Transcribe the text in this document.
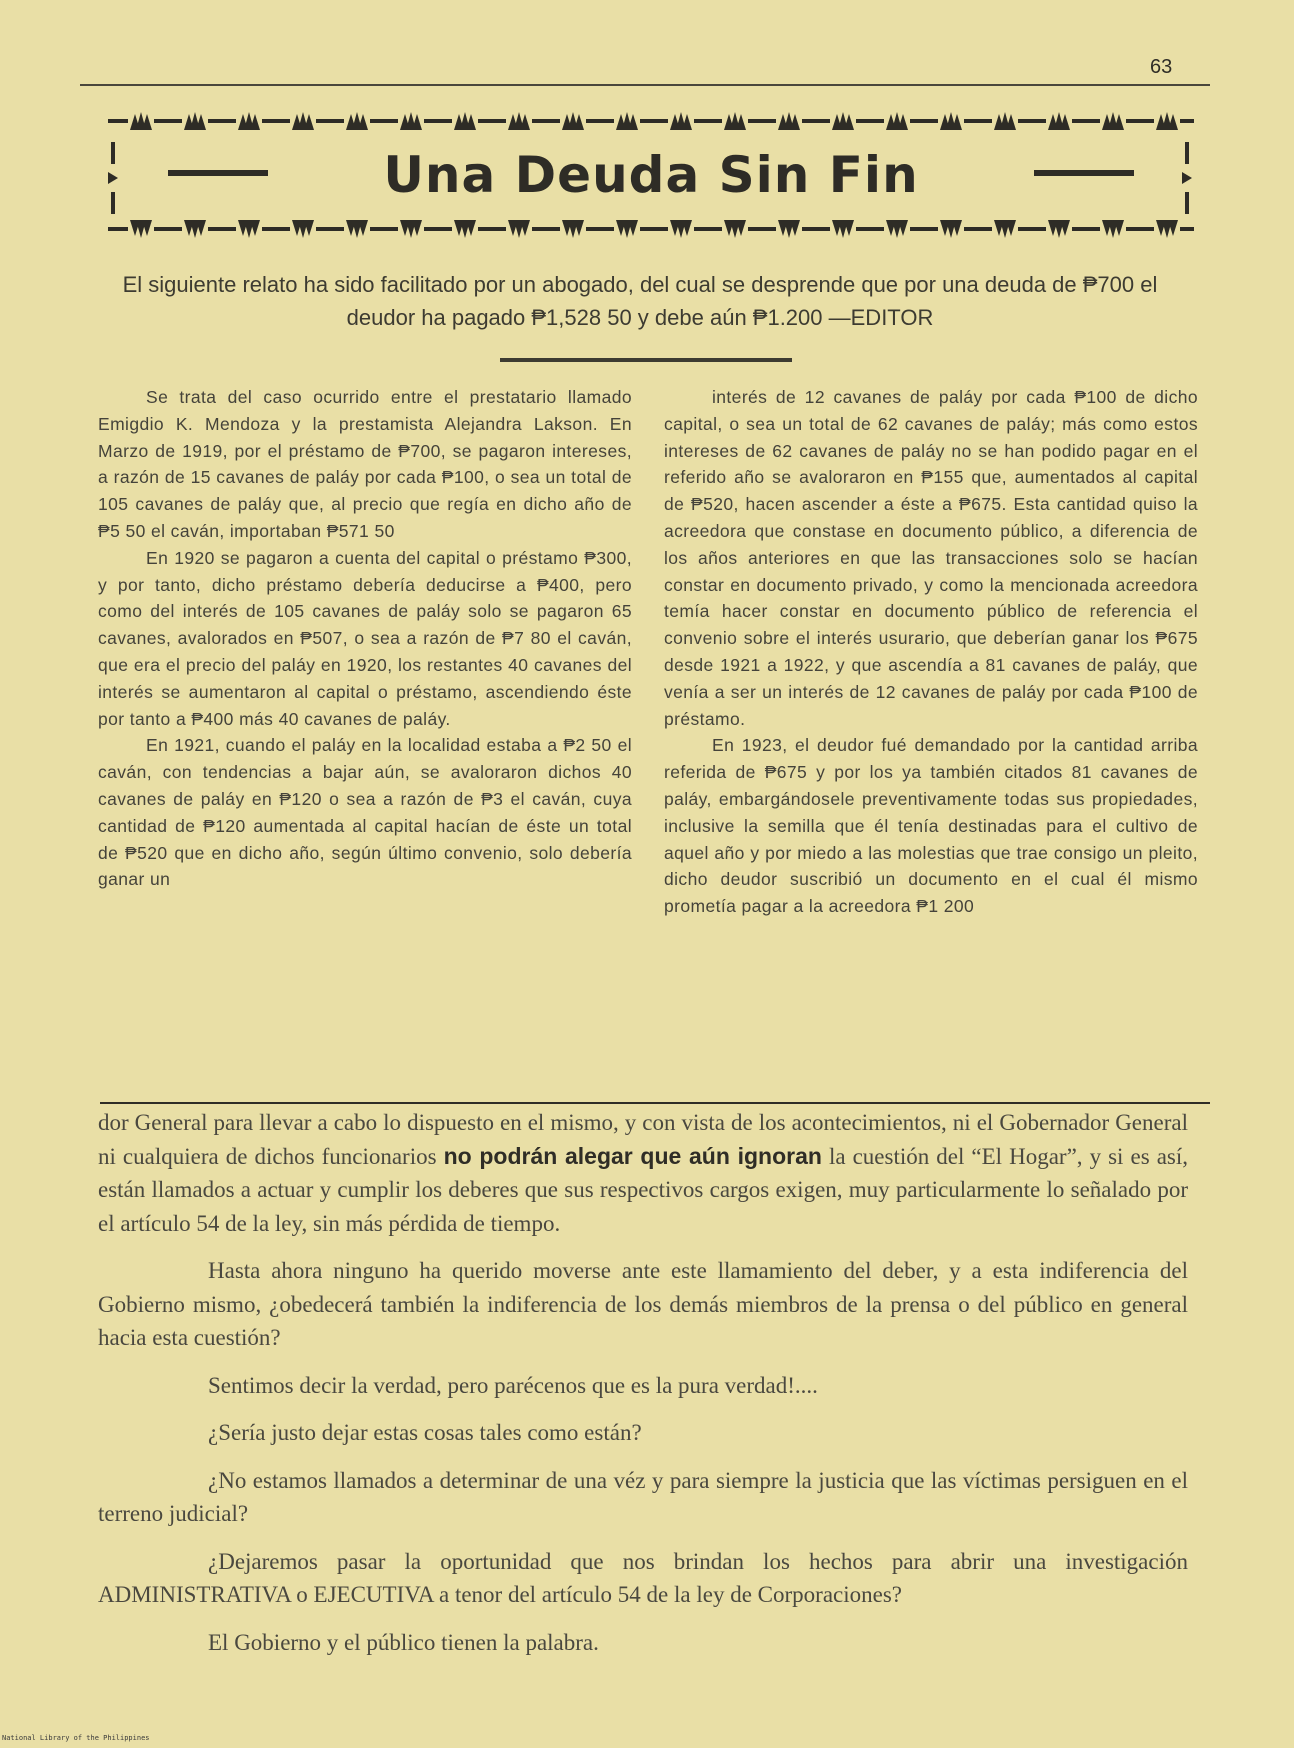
63
Una Deuda Sin Fin
El siguiente relato ha sido facilitado por un abogado, del cual se desprende que por una deuda de ₱700 el deudor ha pagado ₱1,528 50 y debe aún ₱1.200 —EDITOR

Se trata del caso ocurrido entre el prestatario llamado Emigdio K. Mendoza y la prestamista Alejandra Lakson. En Marzo de 1919, por el préstamo de ₱700, se pagaron intereses, a razón de 15 cavanes de paláy por cada ₱100, o sea un total de 105 cavanes de paláy que, al precio que regía en dicho año de ₱5 50 el caván, importaban ₱571 50

En 1920 se pagaron a cuenta del capital o préstamo ₱300, y por tanto, dicho préstamo debería deducirse a ₱400, pero como del interés de 105 cavanes de paláy solo se pagaron 65 cavanes, avalorados en ₱507, o sea a razón de ₱7 80 el caván, que era el precio del paláy en 1920, los restantes 40 cavanes del interés se aumentaron al capital o préstamo, ascendiendo éste por tanto a ₱400 más 40 cavanes de paláy.

En 1921, cuando el paláy en la localidad estaba a ₱2 50 el caván, con tendencias a bajar aún, se avaloraron dichos 40 cavanes de paláy en ₱120 o sea a razón de ₱3 el caván, cuya cantidad de ₱120 aumentada al capital hacían de éste un total de ₱520 que en dicho año, según último convenio, solo debería ganar un

interés de 12 cavanes de paláy por cada ₱100 de dicho capital, o sea un total de 62 cavanes de paláy; más como estos intereses de 62 cavanes de paláy no se han podido pagar en el referido año se avaloraron en ₱155 que, aumentados al capital de ₱520, hacen ascender a éste a ₱675. Esta cantidad quiso la acreedora que constase en documento público, a diferencia de los años anteriores en que las transacciones solo se hacían constar en documento privado, y como la mencionada acreedora temía hacer constar en documento público de referencia el convenio sobre el interés usurario, que deberían ganar los ₱675 desde 1921 a 1922, y que ascendía a 81 cavanes de paláy, que venía a ser un interés de 12 cavanes de paláy por cada ₱100 de préstamo.

En 1923, el deudor fué demandado por la cantidad arriba referida de ₱675 y por los ya también citados 81 cavanes de paláy, embargándosele preventivamente todas sus propiedades, inclusive la semilla que él tenía destinadas para el cultivo de aquel año y por miedo a las molestias que trae consigo un pleito, dicho deudor suscribió un documento en el cual él mismo prometía pagar a la acreedora ₱1 200

dor General para llevar a cabo lo dispuesto en el mismo, y con vista de los acontecimientos, ni el Gobernador General ni cualquiera de dichos funcionarios no podrán alegar que aún ignoran la cuestión del “El Hogar”, y si es así, están llamados a actuar y cumplir los deberes que sus respectivos cargos exigen, muy particularmente lo señalado por el artículo 54 de la ley, sin más pérdida de tiempo.

Hasta ahora ninguno ha querido moverse ante este llamamiento del deber, y a esta indiferencia del Gobierno mismo, ¿obedecerá también la indiferencia de los demás miembros de la prensa o del público en general hacia esta cuestión?

Sentimos decir la verdad, pero parécenos que es la pura verdad!....

¿Sería justo dejar estas cosas tales como están?

¿No estamos llamados a determinar de una véz y para siempre la justicia que las víctimas persiguen en el terreno judicial?

¿Dejaremos pasar la oportunidad que nos brindan los hechos para abrir una investigación ADMINISTRATIVA o EJECUTIVA a tenor del artículo 54 de la ley de Corporaciones?

El Gobierno y el público tienen la palabra.

National Library of the Philippines
